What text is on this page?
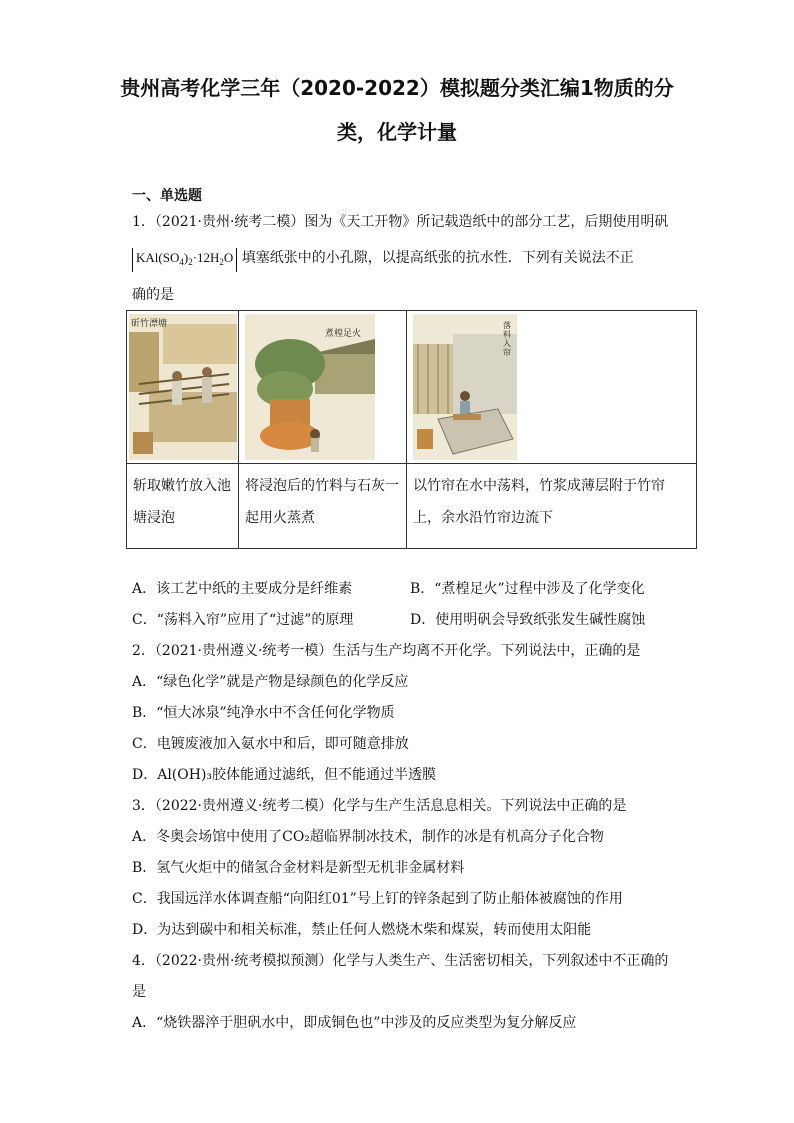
贵州高考化学三年（2020-2022）模拟题分类汇编1物质的分
类，化学计量
一、单选题
1．（2021·贵州·统考二模）图为《天工开物》所记载造纸中的部分工艺，后期使用明矾
$KAl(SO_4)_2\cdot 12H_2O$ 填塞纸张中的小孔隙，以提高纸张的抗水性．下列有关说法不正
确的是
斫竹漂塘	煮楻足火	落料入帘

斩取嫩竹放入池塘浸泡	将浸泡后的竹料与石灰一起用火蒸煮	以竹帘在水中荡料，竹浆成薄层附于竹帘上，余水沿竹帘边流下
A．该工艺中纸的主要成分是纤维素	B．“煮楻足火”过程中涉及了化学变化
C．“荡料入帘”应用了“过滤”的原理	D．使用明矾会导致纸张发生碱性腐蚀
2．（2021·贵州遵义·统考一模）生活与生产均离不开化学。下列说法中，正确的是
A．“绿色化学”就是产物是绿颜色的化学反应
B．“恒大冰泉”纯净水中不含任何化学物质
C．电镀废液加入氨水中和后，即可随意排放
D．Al(OH)₃胶体能通过滤纸，但不能通过半透膜
3．（2022·贵州遵义·统考二模）化学与生产生活息息相关。下列说法中正确的是
A．冬奥会场馆中使用了CO₂超临界制冰技术，制作的冰是有机高分子化合物
B．氢气火炬中的储氢合金材料是新型无机非金属材料
C．我国远洋水体调查船“向阳红01”号上钉的锌条起到了防止船体被腐蚀的作用
D．为达到碳中和相关标准，禁止任何人燃烧木柴和煤炭，转而使用太阳能
4．（2022·贵州·统考模拟预测）化学与人类生产、生活密切相关，下列叙述中不正确的
是
A．“烧铁器淬于胆矾水中，即成铜色也”中涉及的反应类型为复分解反应
